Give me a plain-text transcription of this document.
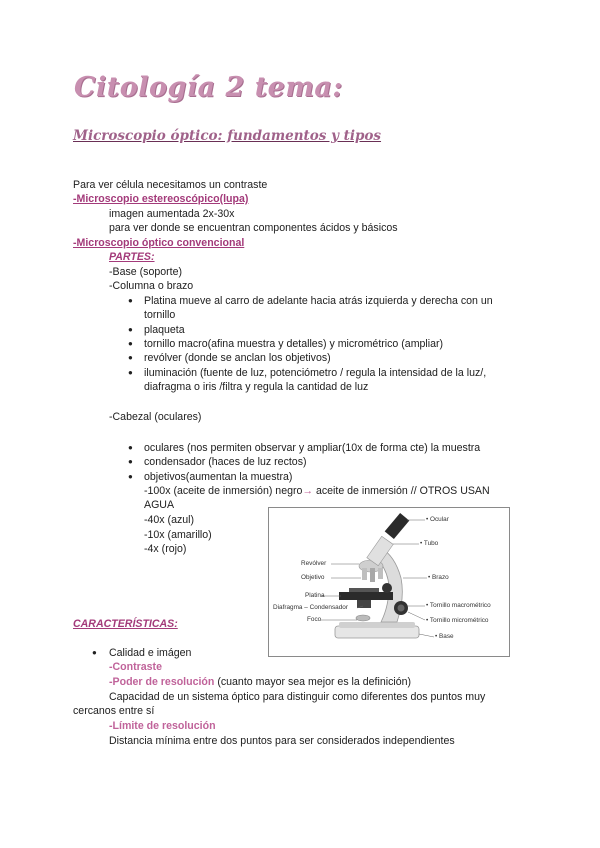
Citología 2 tema:
Microscopio óptico: fundamentos y tipos
Para ver célula necesitamos un contraste
-Microscopio estereoscópico(lupa)
imagen aumentada 2x-30x
para ver donde se encuentran componentes ácidos y básicos
-Microscopio óptico convencional
PARTES:
-Base (soporte)
-Columna o brazo
● Platina mueve al carro de adelante hacia atrás izquierda y derecha con un
tornillo
● plaqueta
● tornillo macro(afina muestra y detalles) y micrométrico (ampliar)
● revólver (donde se anclan los objetivos)
● iluminación (fuente de luz, potenciómetro / regula la intensidad de la luz/,
diafragma o iris /filtra y regula la cantidad de luz
-Cabezal (oculares)
● oculares (nos permiten observar y ampliar(10x de forma cte) la muestra
● condensador (haces de luz rectos)
● objetivos(aumentan la muestra)
-100x (aceite de inmersión) negro→ aceite de inmersión // OTROS USAN
AGUA
-40x (azul)
-10x (amarillo)
-4x (rojo)
• Ocular
• Tubo
Revólver
Objetivo	• Brazo
Platina
Diafragma – Condensador
Foco
• Tornillo macrométrico
• Tornillo micrométrico
• Base
CARACTERÍSTICAS:
● Calidad e imágen
-Contraste
-Poder de resolución (cuanto mayor sea mejor es la definición)
Capacidad de un sistema óptico para distinguir como diferentes dos puntos muy
cercanos entre sí
-Límite de resolución
Distancia mínima entre dos puntos para ser considerados independientes
